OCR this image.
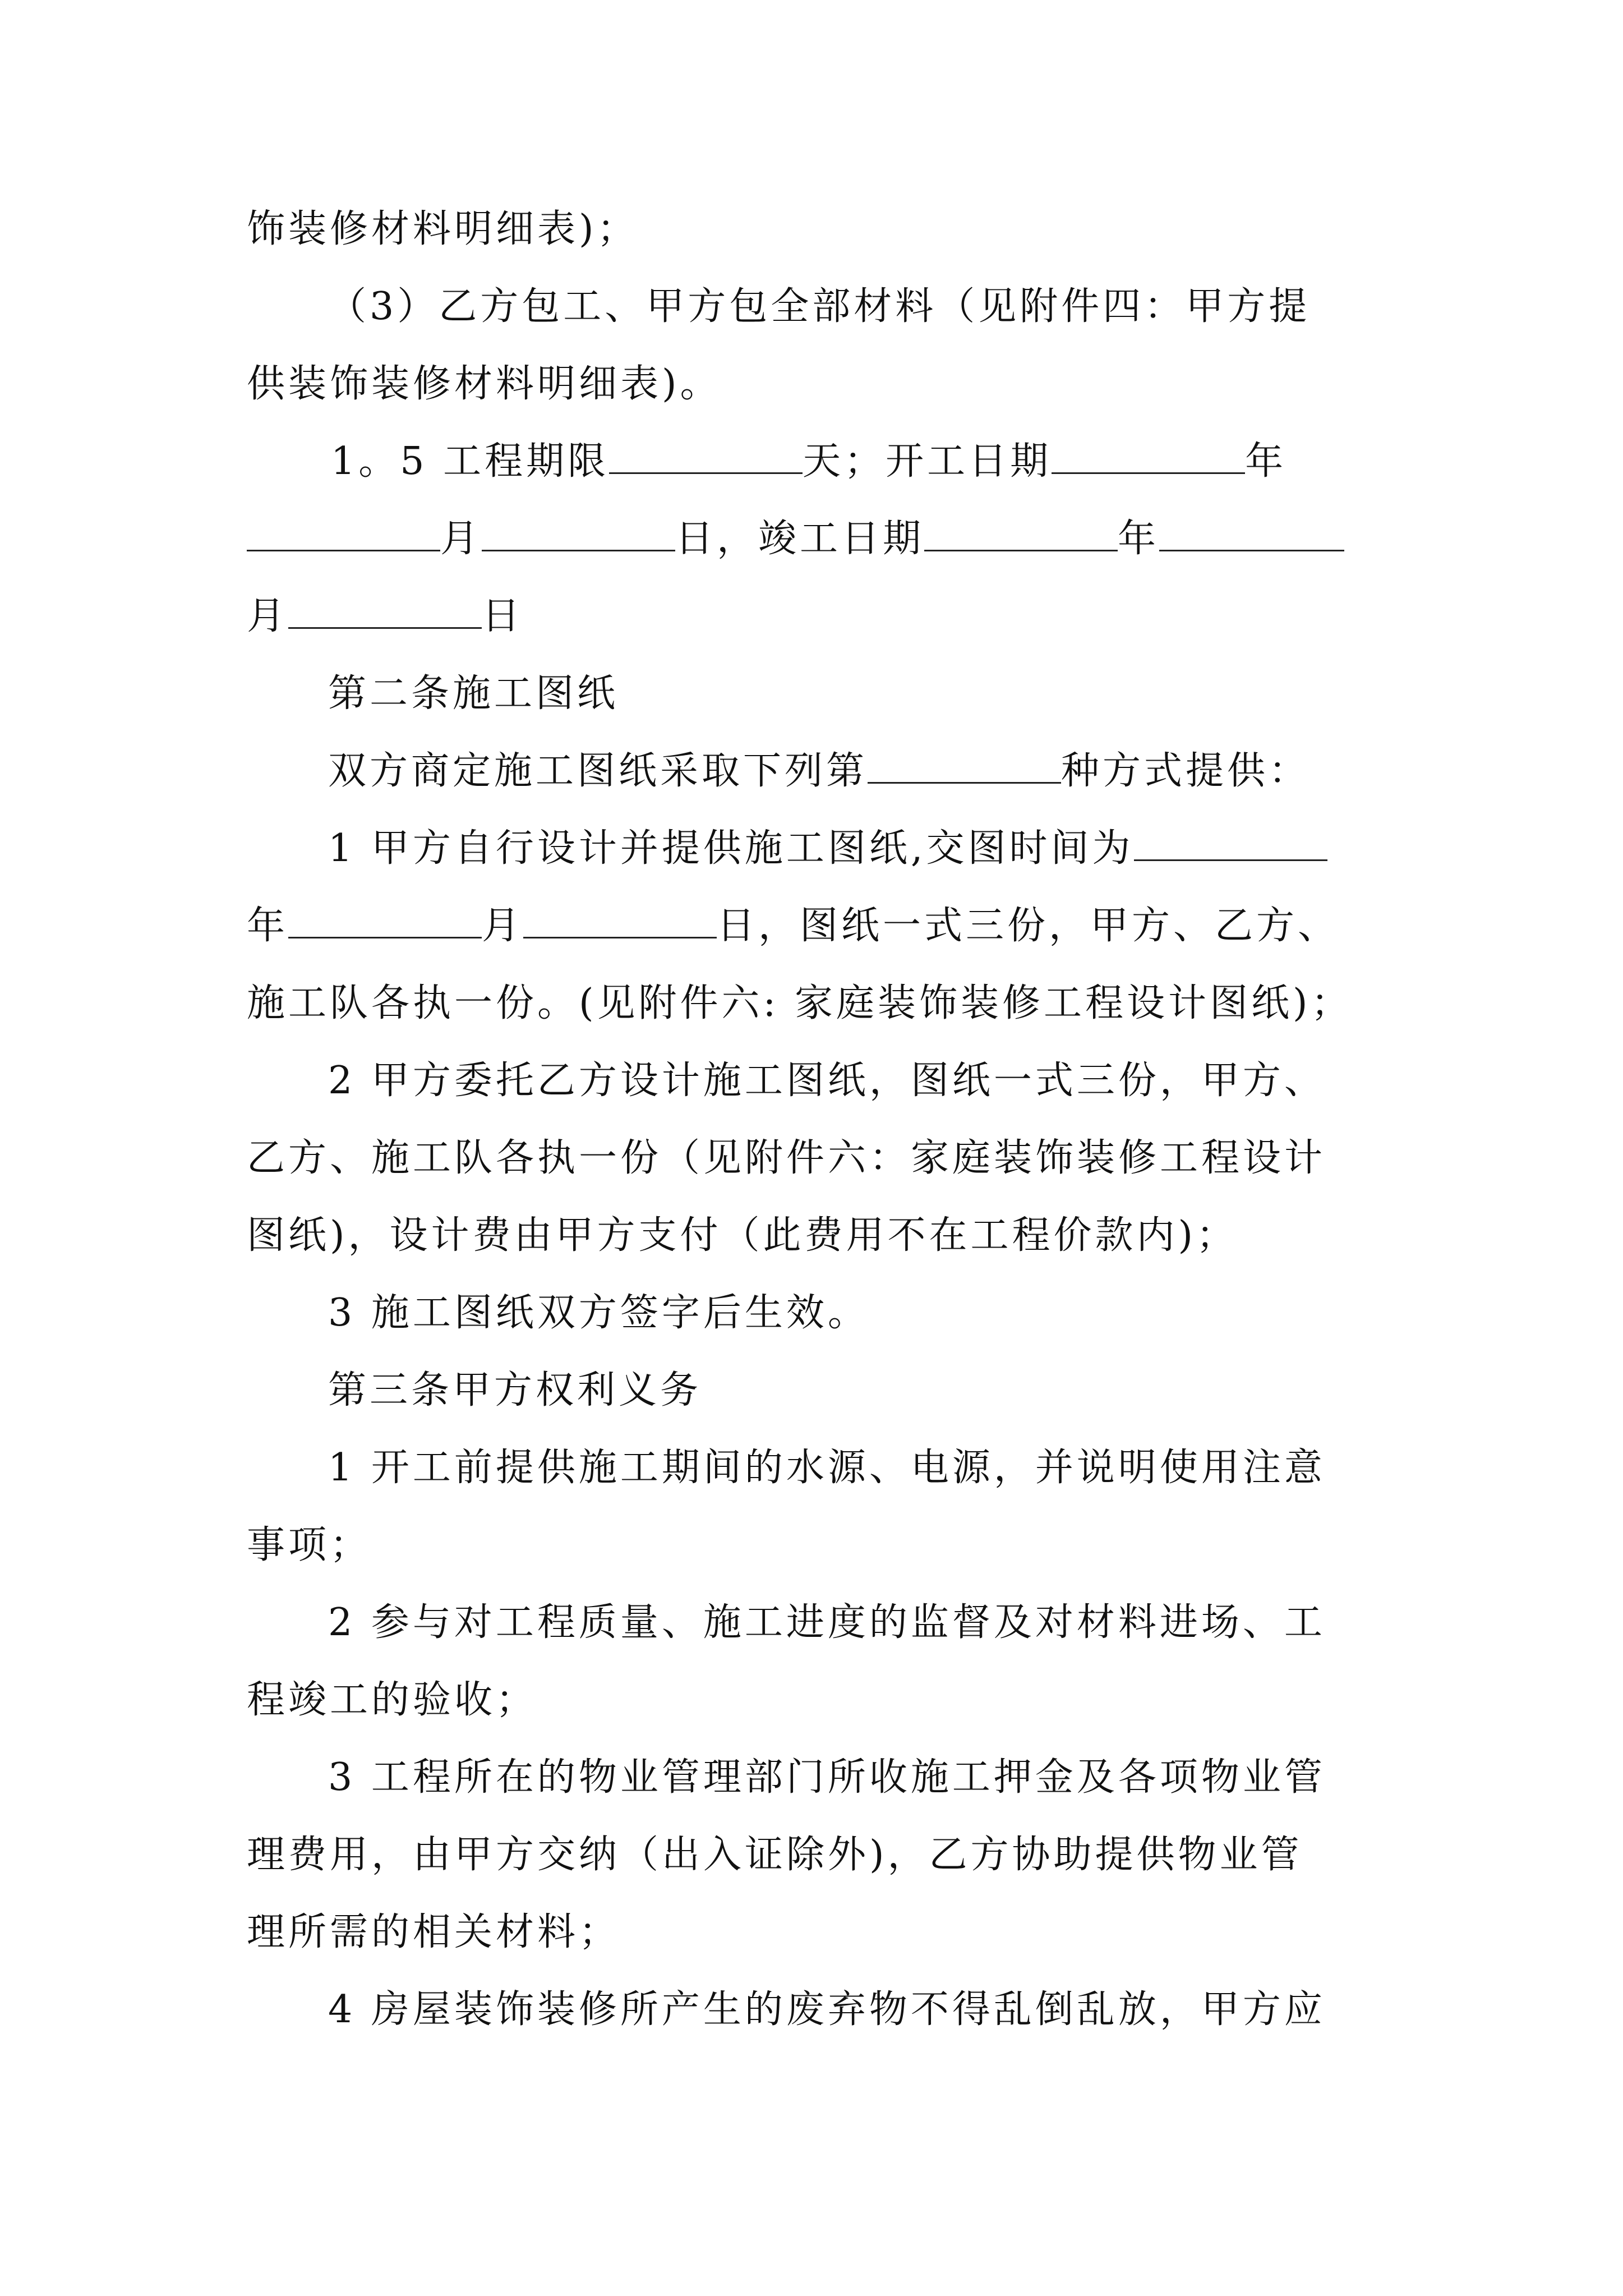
饰装修材料明细表)；
（3）乙方包工、甲方包全部材料（见附件四：甲方提
供装饰装修材料明细表)。
1。5 工程期限	天；开工日期	年
月	日，竣工日期	年
月	日
第二条施工图纸
双方商定施工图纸采取下列第	种方式提供：
1 甲方自行设计并提供施工图纸,交图时间为
年	月	日，图纸一式三份，甲方、乙方、
施工队各执一份。(见附件六: 家庭装饰装修工程设计图纸)；
2 甲方委托乙方设计施工图纸，图纸一式三份，甲方、
乙方、施工队各执一份（见附件六：家庭装饰装修工程设计
图纸)，设计费由甲方支付（此费用不在工程价款内)；
3 施工图纸双方签字后生效。
第三条甲方权利义务
1 开工前提供施工期间的水源、电源，并说明使用注意
事项；
2 参与对工程质量、施工进度的监督及对材料进场、工
程竣工的验收；
3 工程所在的物业管理部门所收施工押金及各项物业管
理费用，由甲方交纳（出入证除外)，乙方协助提供物业管
理所需的相关材料；
4 房屋装饰装修所产生的废弃物不得乱倒乱放，甲方应
